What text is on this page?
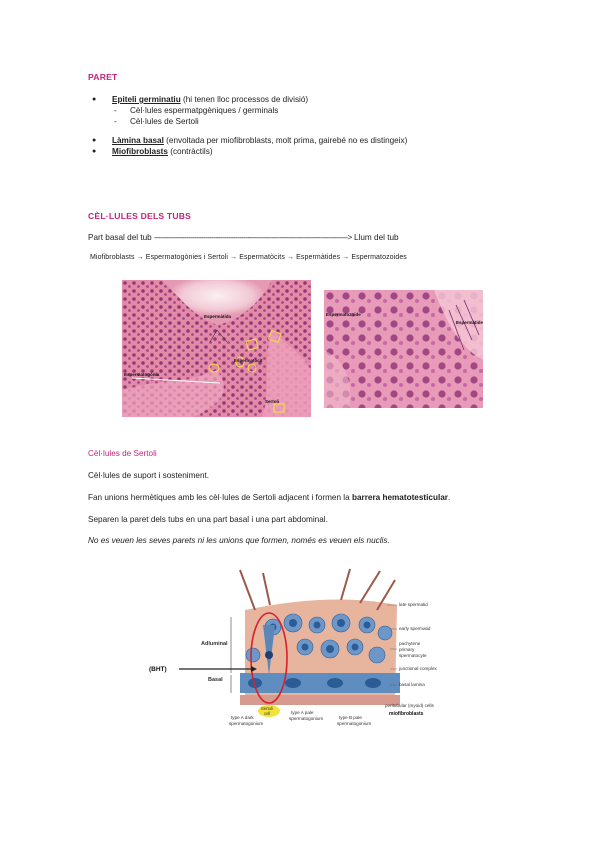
PARET
● Epiteli germinatiu (hi tenen lloc processos de divisió)
- Cèl·lules espermatpgèniques / germinals
- Cèl·lules de Sertoli
● Làmina basal (envoltada per miofibroblasts, molt prima, gairebé no es distingeix)
● Miofibroblasts (contràctils)
CÈL·LULES DELS TUBS
Part basal del tub -------------------------------------------------------------------------------------------> Llum del tub
Miofibroblasts → Espermatogònies i Sertoli → Espermatòcits → Espermàtides → Espermatozoides
Espermàtida
Espermatòcit
Espermatogònia
Sertoli
Espermatozoide
Espermàtide
Cèl·lules de Sertoli
Cèl·lules de suport i sosteniment.
Fan unions hermètiques amb les cèl·lules de Sertoli adjacent i formen la barrera hematotesticular.
Separen la paret dels tubs en una part basal i una part abdominal.
No es veuen les seves parets ni les unions que formen, només es veuen els nuclis.
Adluminal
(BHT)
Basal
late spermatid
early spermatid
pachytene
primary
spermatocyte
junctional complex
basal lamina
peritubular (myoid) cells
miofibroblasts
Sertoli
cell
type A dark
spermatogonium
type A pale
spermatogonium	type B pale
spermatogonium
